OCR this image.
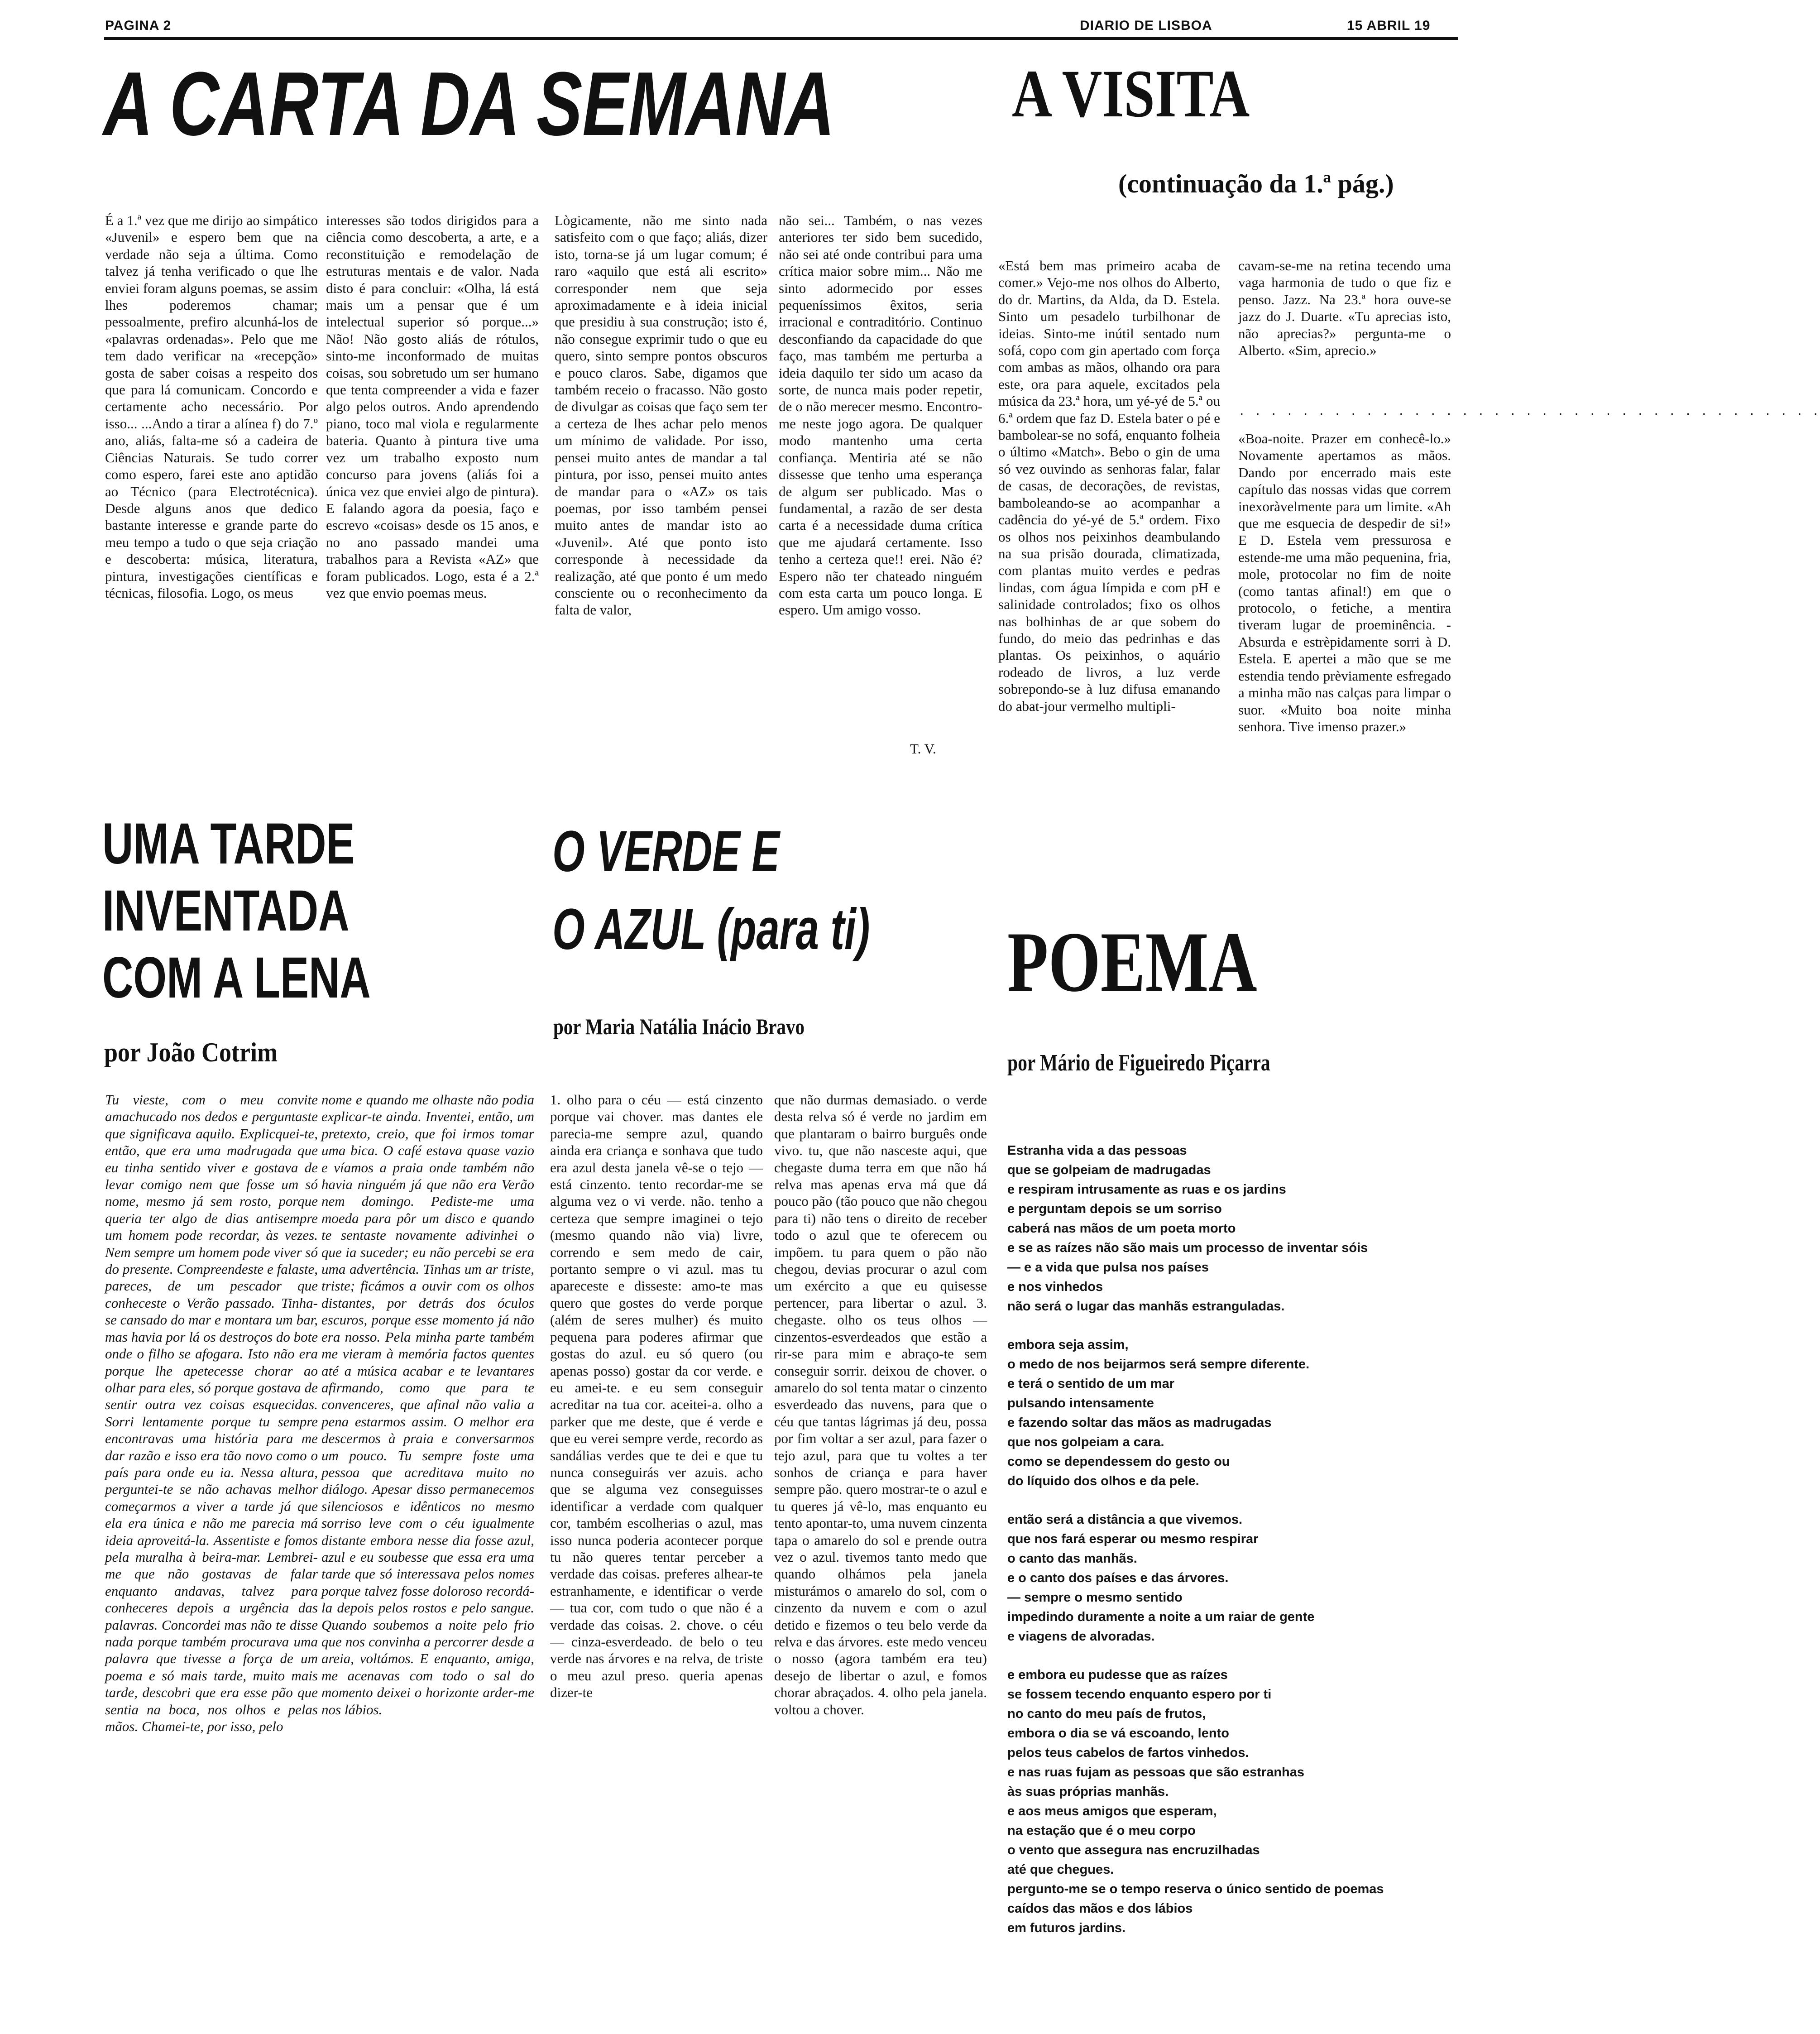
PAGINA 2	DIARIO DE LISBOA	15 ABRIL 19
A CARTA DA SEMANA
É a 1.ª vez que me dirijo ao simpático «Juvenil» e espero bem que na verdade não seja a última. Como talvez já tenha verificado o que lhe enviei foram alguns poemas, se assim lhes poderemos chamar; pessoalmente, prefiro alcunhá-los de «palavras ordenadas». Pelo que me tem dado verificar na «recepção» gosta de saber coisas a respeito dos que para lá comunicam. Concordo e certamente acho necessário. Por isso... ...Ando a tirar a alínea f) do 7.º ano, aliás, falta-me só a cadeira de Ciências Naturais. Se tudo correr como espero, farei este ano aptidão ao Técnico (para Electrotécnica). Desde alguns anos que dedico bastante interesse e grande parte do meu tempo a tudo o que seja criação e descoberta: música, literatura, pintura, investigações científicas e técnicas, filosofia. Logo, os meus
interesses são todos dirigidos para a ciência como descoberta, a arte, e a reconstituição e remodelação de estruturas mentais e de valor. Nada disto é para concluir: «Olha, lá está mais um a pensar que é um intelectual superior só porque...» Não! Não gosto aliás de rótulos, sinto-me inconformado de muitas coisas, sou sobretudo um ser humano que tenta compreender a vida e fazer algo pelos outros. Ando aprendendo piano, toco mal viola e regularmente bateria. Quanto à pintura tive uma vez um trabalho exposto num concurso para jovens (aliás foi a única vez que enviei algo de pintura). E falando agora da poesia, faço e escrevo «coisas» desde os 15 anos, e no ano passado mandei uma trabalhos para a Revista «AZ» que foram publicados. Logo, esta é a 2.ª vez que envio poemas meus.
Lògicamente, não me sinto nada satisfeito com o que faço; aliás, dizer isto, torna-se já um lugar comum; é raro «aquilo que está ali escrito» corresponder nem que seja aproximadamente e à ideia inicial que presidiu à sua construção; isto é, não consegue exprimir tudo o que eu quero, sinto sempre pontos obscuros e pouco claros. Sabe, digamos que também receio o fracasso. Não gosto de divulgar as coisas que faço sem ter a certeza de lhes achar pelo menos um mínimo de validade. Por isso, pensei muito antes de mandar a tal pintura, por isso, pensei muito antes de mandar para o «AZ» os tais poemas, por isso também pensei muito antes de mandar isto ao «Juvenil». Até que ponto isto corresponde à necessidade da realização, até que ponto é um medo consciente ou o reconhecimento da falta de valor,
não sei... Também, o nas vezes anteriores ter sido bem sucedido, não sei até onde contribui para uma crítica maior sobre mim... Não me sinto adormecido por esses pequeníssimos êxitos, seria irracional e contraditório. Continuo desconfiando da capacidade do que faço, mas também me perturba a ideia daquilo ter sido um acaso da sorte, de nunca mais poder repetir, de o não merecer mesmo. Encontro-me neste jogo agora. De qualquer modo mantenho uma certa confiança. Mentiria até se não dissesse que tenho uma esperança de algum ser publicado. Mas o fundamental, a razão de ser desta carta é a necessidade duma crítica que me ajudará certamente. Isso tenho a certeza que!! erei. Não é? Espero não ter chateado ninguém com esta carta um pouco longa. E espero. Um amigo vosso.
T. V.
A VISITA
(continuação da 1.ª pág.)
«Está bem mas primeiro acaba de comer.» Vejo-me nos olhos do Alberto, do dr. Martins, da Alda, da D. Estela. Sinto um pesadelo turbilhonar de ideias. Sinto-me inútil sentado num sofá, copo com gin apertado com força com ambas as mãos, olhando ora para este, ora para aquele, excitados pela música da 23.ª hora, um yé-yé de 5.ª ou 6.ª ordem que faz D. Estela bater o pé e bambolear-se no sofá, enquanto folheia o último «Match». Bebo o gin de uma só vez ouvindo as senhoras falar, falar de casas, de decorações, de revistas, bamboleando-se ao acompanhar a cadência do yé-yé de 5.ª ordem. Fixo os olhos nos peixinhos deambulando na sua prisão dourada, climatizada, com plantas muito verdes e pedras lindas, com água límpida e com pH e salinidade controlados; fixo os olhos nas bolhinhas de ar que sobem do fundo, do meio das pedrinhas e das plantas. Os peixinhos, o aquário rodeado de livros, a luz verde sobrepondo-se à luz difusa emanando do abat-jour vermelho multipli-
cavam-se-me na retina tecendo uma vaga harmonia de tudo o que fiz e penso. Jazz. Na 23.ª hora ouve-se jazz do J. Duarte. «Tu aprecias isto, não aprecias?» pergunta-me o Alberto. «Sim, aprecio.»
· · · · · · · · · · · · · · · · · · · · · · · · · · · · · · · · · · · · ·
«Boa-noite. Prazer em conhecê-lo.» Novamente apertamos as mãos. Dando por encerrado mais este capítulo das nossas vidas que correm inexoràvelmente para um limite. «Ah que me esquecia de despedir de si!» E D. Estela vem pressurosa e estende-me uma mão pequenina, fria, mole, protocolar no fim de noite (como tantas afinal!) em que o protocolo, o fetiche, a mentira tiveram lugar de proeminência. - Absurda e estrèpidamente sorri à D. Estela. E apertei a mão que se me estendia tendo prèviamente esfregado a minha mão nas calças para limpar o suor. «Muito boa noite minha senhora. Tive imenso prazer.»
UMA TARDE
INVENTADA
COM A LENA
por João Cotrim
Tu vieste, com o meu convite amachucado nos dedos e perguntaste que significava aquilo. Explicquei-te, então, que era uma madrugada que eu tinha sentido viver e gostava de levar comigo nem que fosse um só nome, mesmo já sem rosto, porque queria ter algo de dias antisempre um homem pode recordar, às vezes. Nem sempre um homem pode viver só do presente. Compreendeste e falaste, pareces, de um pescador que conheceste o Verão passado. Tinha-se cansado do mar e montara um bar, mas havia por lá os destroços do bote onde o filho se afogara. Isto não era porque lhe apetecesse chorar ao olhar para eles, só porque gostava de sentir outra vez coisas esquecidas. Sorri lentamente porque tu sempre encontravas uma história para me dar razão e isso era tão novo como o país para onde eu ia. Nessa altura, perguntei-te se não achavas melhor começarmos a viver a tarde já que ela era única e não me parecia má ideia aproveitá-la. Assentiste e fomos pela muralha à beira-mar. Lembrei-me que não gostavas de falar enquanto andavas, talvez para conheceres depois a urgência das palavras. Concordei mas não te disse nada porque também procurava uma palavra que tivesse a força de um poema e só mais tarde, muito mais tarde, descobri que era esse pão que sentia na boca, nos olhos e pelas mãos. Chamei-te, por isso, pelo
nome e quando me olhaste não podia explicar-te ainda. Inventei, então, um pretexto, creio, que foi irmos tomar uma bica. O café estava quase vazio e víamos a praia onde também não havia ninguém já que não era Verão nem domingo. Pediste-me uma moeda para pôr um disco e quando te sentaste novamente adivinhei o que ia suceder; eu não percebi se era uma advertência. Tinhas um ar triste, triste; ficámos a ouvir com os olhos distantes, por detrás dos óculos escuros, porque esse momento já não era nosso. Pela minha parte também me vieram à memória factos quentes até a música acabar e te levantares afirmando, como que para te convenceres, que afinal não valia a pena estarmos assim. O melhor era descermos à praia e conversarmos um pouco. Tu sempre foste uma pessoa que acreditava muito no diálogo. Apesar disso permanecemos silenciosos e idênticos no mesmo sorriso leve com o céu igualmente distante embora nesse dia fosse azul, azul e eu soubesse que essa era uma tarde que só interessava pelos nomes porque talvez fosse doloroso recordá-la depois pelos rostos e pelo sangue. Quando soubemos a noite pelo frio que nos convinha a percorrer desde a areia, voltámos. E enquanto, amiga, me acenavas com todo o sal do momento deixei o horizonte arder-me nos lábios.
O VERDE E
O AZUL (para ti)
por Maria Natália Inácio Bravo
1. olho para o céu — está cinzento porque vai chover. mas dantes ele parecia-me sempre azul, quando ainda era criança e sonhava que tudo era azul desta janela vê-se o tejo — está cinzento. tento recordar-me se alguma vez o vi verde. não. tenho a certeza que sempre imaginei o tejo (mesmo quando não via) livre, correndo e sem medo de cair, portanto sempre o vi azul. mas tu apareceste e disseste: amo-te mas quero que gostes do verde porque (além de seres mulher) és muito pequena para poderes afirmar que gostas do azul. eu só quero (ou apenas posso) gostar da cor verde. e eu amei-te. e eu sem conseguir acreditar na tua cor. aceitei-a. olho a parker que me deste, que é verde e que eu verei sempre verde, recordo as sandálias verdes que te dei e que tu nunca conseguirás ver azuis. acho que se alguma vez conseguisses identificar a verdade com qualquer cor, também escolherias o azul, mas isso nunca poderia acontecer porque tu não queres tentar perceber a verdade das coisas. preferes alhear-te estranhamente, e identificar o verde — tua cor, com tudo o que não é a verdade das coisas. 2. chove. o céu — cinza-esverdeado. de belo o teu verde nas árvores e na relva, de triste o meu azul preso. queria apenas dizer-te
que não durmas demasiado. o verde desta relva só é verde no jardim em que plantaram o bairro burguês onde vivo. tu, que não nasceste aqui, que chegaste duma terra em que não há relva mas apenas erva má que dá pouco pão (tão pouco que não chegou para ti) não tens o direito de receber todo o azul que te oferecem ou impõem. tu para quem o pão não chegou, devias procurar o azul com um exército a que eu quisesse pertencer, para libertar o azul. 3. chegaste. olho os teus olhos — cinzentos-esverdeados que estão a rir-se para mim e abraço-te sem conseguir sorrir. deixou de chover. o amarelo do sol tenta matar o cinzento esverdeado das nuvens, para que o céu que tantas lágrimas já deu, possa por fim voltar a ser azul, para fazer o tejo azul, para que tu voltes a ter sonhos de criança e para haver sempre pão. quero mostrar-te o azul e tu queres já vê-lo, mas enquanto eu tento apontar-to, uma nuvem cinzenta tapa o amarelo do sol e prende outra vez o azul. tivemos tanto medo que quando olhámos pela janela misturámos o amarelo do sol, com o cinzento da nuvem e com o azul detido e fizemos o teu belo verde da relva e das árvores. este medo venceu o nosso (agora também era teu) desejo de libertar o azul, e fomos chorar abraçados. 4. olho pela janela. voltou a chover.
POEMA
por Mário de Figueiredo Piçarra
Estranha vida a das pessoas
que se golpeiam de madrugadas
e respiram intrusamente as ruas e os jardins
e perguntam depois se um sorriso
caberá nas mãos de um poeta morto
e se as raízes não são mais um processo de inventar sóis
— e a vida que pulsa nos países
e nos vinhedos
não será o lugar das manhãs estranguladas.
embora seja assim,
o medo de nos beijarmos será sempre diferente.
e terá o sentido de um mar
pulsando intensamente
e fazendo soltar das mãos as madrugadas
que nos golpeiam a cara.
como se dependessem do gesto ou
do líquido dos olhos e da pele.
então será a distância a que vivemos.
que nos fará esperar ou mesmo respirar
o canto das manhãs.
e o canto dos países e das árvores.
— sempre o mesmo sentido
impedindo duramente a noite a um raiar de gente
e viagens de alvoradas.
e embora eu pudesse que as raízes
se fossem tecendo enquanto espero por ti
no canto do meu país de frutos,
embora o dia se vá escoando, lento
pelos teus cabelos de fartos vinhedos.
e nas ruas fujam as pessoas que são estranhas
às suas próprias manhãs.
e aos meus amigos que esperam,
na estação que é o meu corpo
o vento que assegura nas encruzilhadas
até que chegues.
pergunto-me se o tempo reserva o único sentido de poemas
caídos das mãos e dos lábios
em futuros jardins.
